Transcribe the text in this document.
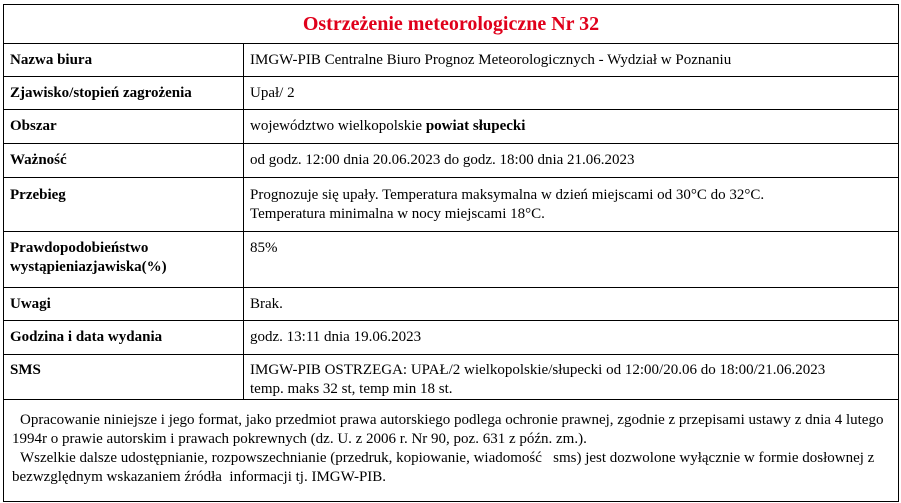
Ostrzeżenie meteorologiczne Nr 32
Nazwa biura	IMGW-PIB Centralne Biuro Prognoz Meteorologicznych - Wydział w Poznaniu
Zjawisko/stopień zagrożenia	Upał/ 2
Obszar	województwo wielkopolskie powiat słupecki
Ważność	od godz. 12:00 dnia 20.06.2023 do godz. 18:00 dnia 21.06.2023
Przebieg	Prognozuje się upały. Temperatura maksymalna w dzień miejscami od 30°C do 32°C.
Temperatura minimalna w nocy miejscami 18°C.

Prawdopodobieństwo
wystąpieniazjawiska(%)	85%
Uwagi	Brak.
Godzina i data wydania	godz. 13:11 dnia 19.06.2023
SMS	IMGW-PIB OSTRZEGA: UPAŁ/2 wielkopolskie/słupecki od 12:00/20.06 do 18:00/21.06.2023
temp. maks 32 st, temp min 18 st.

Opracowanie niniejsze i jego format, jako przedmiot prawa autorskiego podlega ochronie prawnej, zgodnie z przepisami ustawy z dnia 4 lutego 1994r o prawie autorskim i prawach pokrewnych (dz. U. z 2006 r. Nr 90, poz. 631 z późn. zm.).

Wszelkie dalsze udostępnianie, rozpowszechnianie (przedruk, kopiowanie, wiadomość   sms) jest dozwolone wyłącznie w formie dosłownej z bezwzględnym wskazaniem źródła  informacji tj. IMGW-PIB.
